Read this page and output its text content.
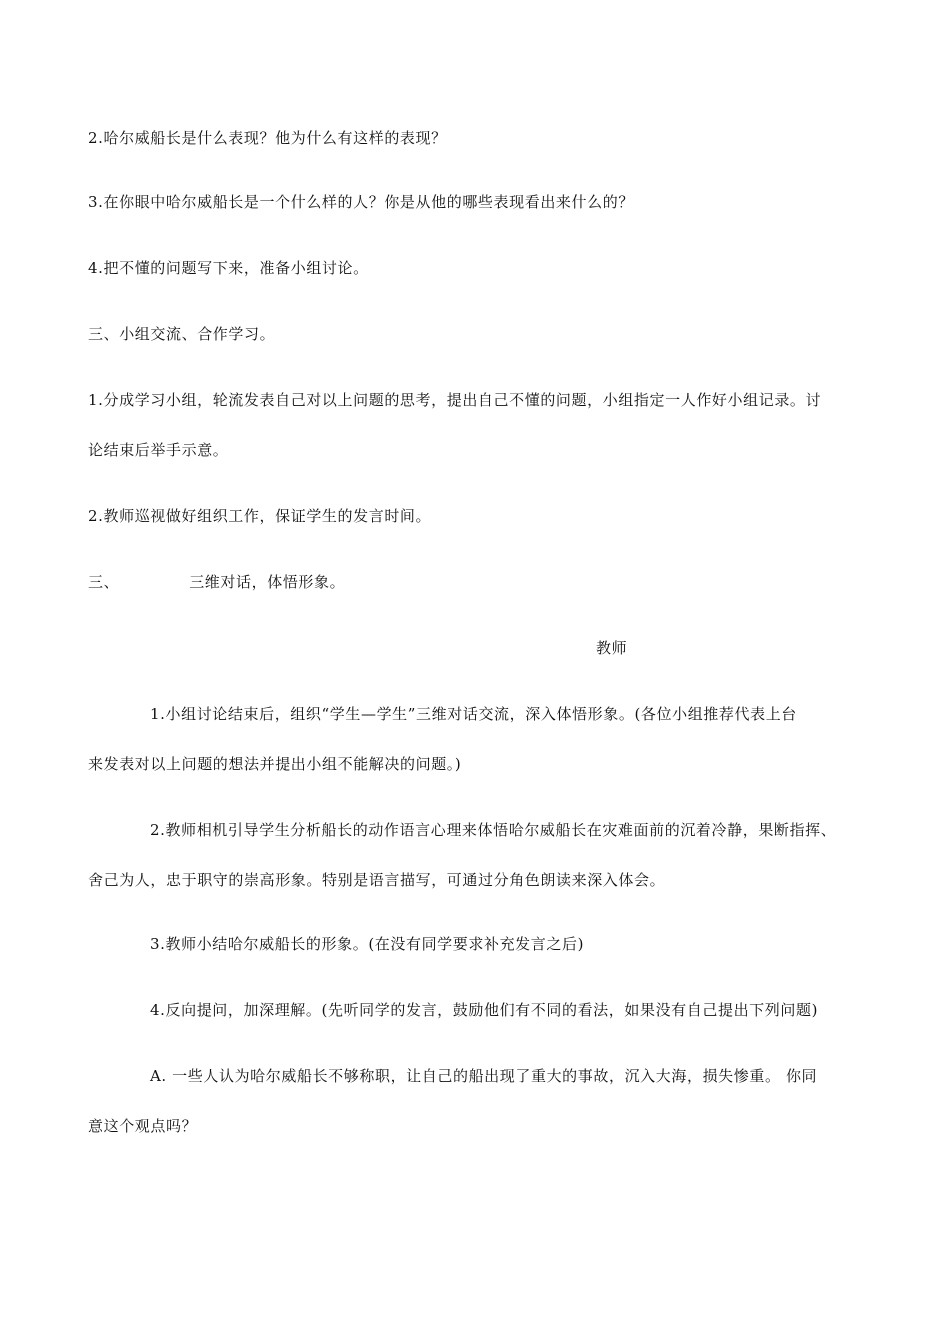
2.哈尔威船长是什么表现？他为什么有这样的表现？
3.在你眼中哈尔威船长是一个什么样的人？你是从他的哪些表现看出来什么的？
4.把不懂的问题写下来，准备小组讨论。
三、小组交流、合作学习。
1.分成学习小组，轮流发表自己对以上问题的思考，提出自己不懂的问题，小组指定一人作好小组记录。讨
论结束后举手示意。
2.教师巡视做好组织工作，保证学生的发言时间。
三、	三维对话，体悟形象。
教师
1.小组讨论结束后，组织“学生—学生”三维对话交流，深入体悟形象。(各位小组推荐代表上台
来发表对以上问题的想法并提出小组不能解决的问题。)
2.教师相机引导学生分析船长的动作语言心理来体悟哈尔威船长在灾难面前的沉着冷静，果断指挥、
舍己为人，忠于职守的崇高形象。特别是语言描写，可通过分角色朗读来深入体会。
3.教师小结哈尔威船长的形象。(在没有同学要求补充发言之后)
4.反向提问，加深理解。(先听同学的发言，鼓励他们有不同的看法，如果没有自己提出下列问题)
A. 一些人认为哈尔威船长不够称职，让自己的船出现了重大的事故，沉入大海，损失惨重。 你同
意这个观点吗？
